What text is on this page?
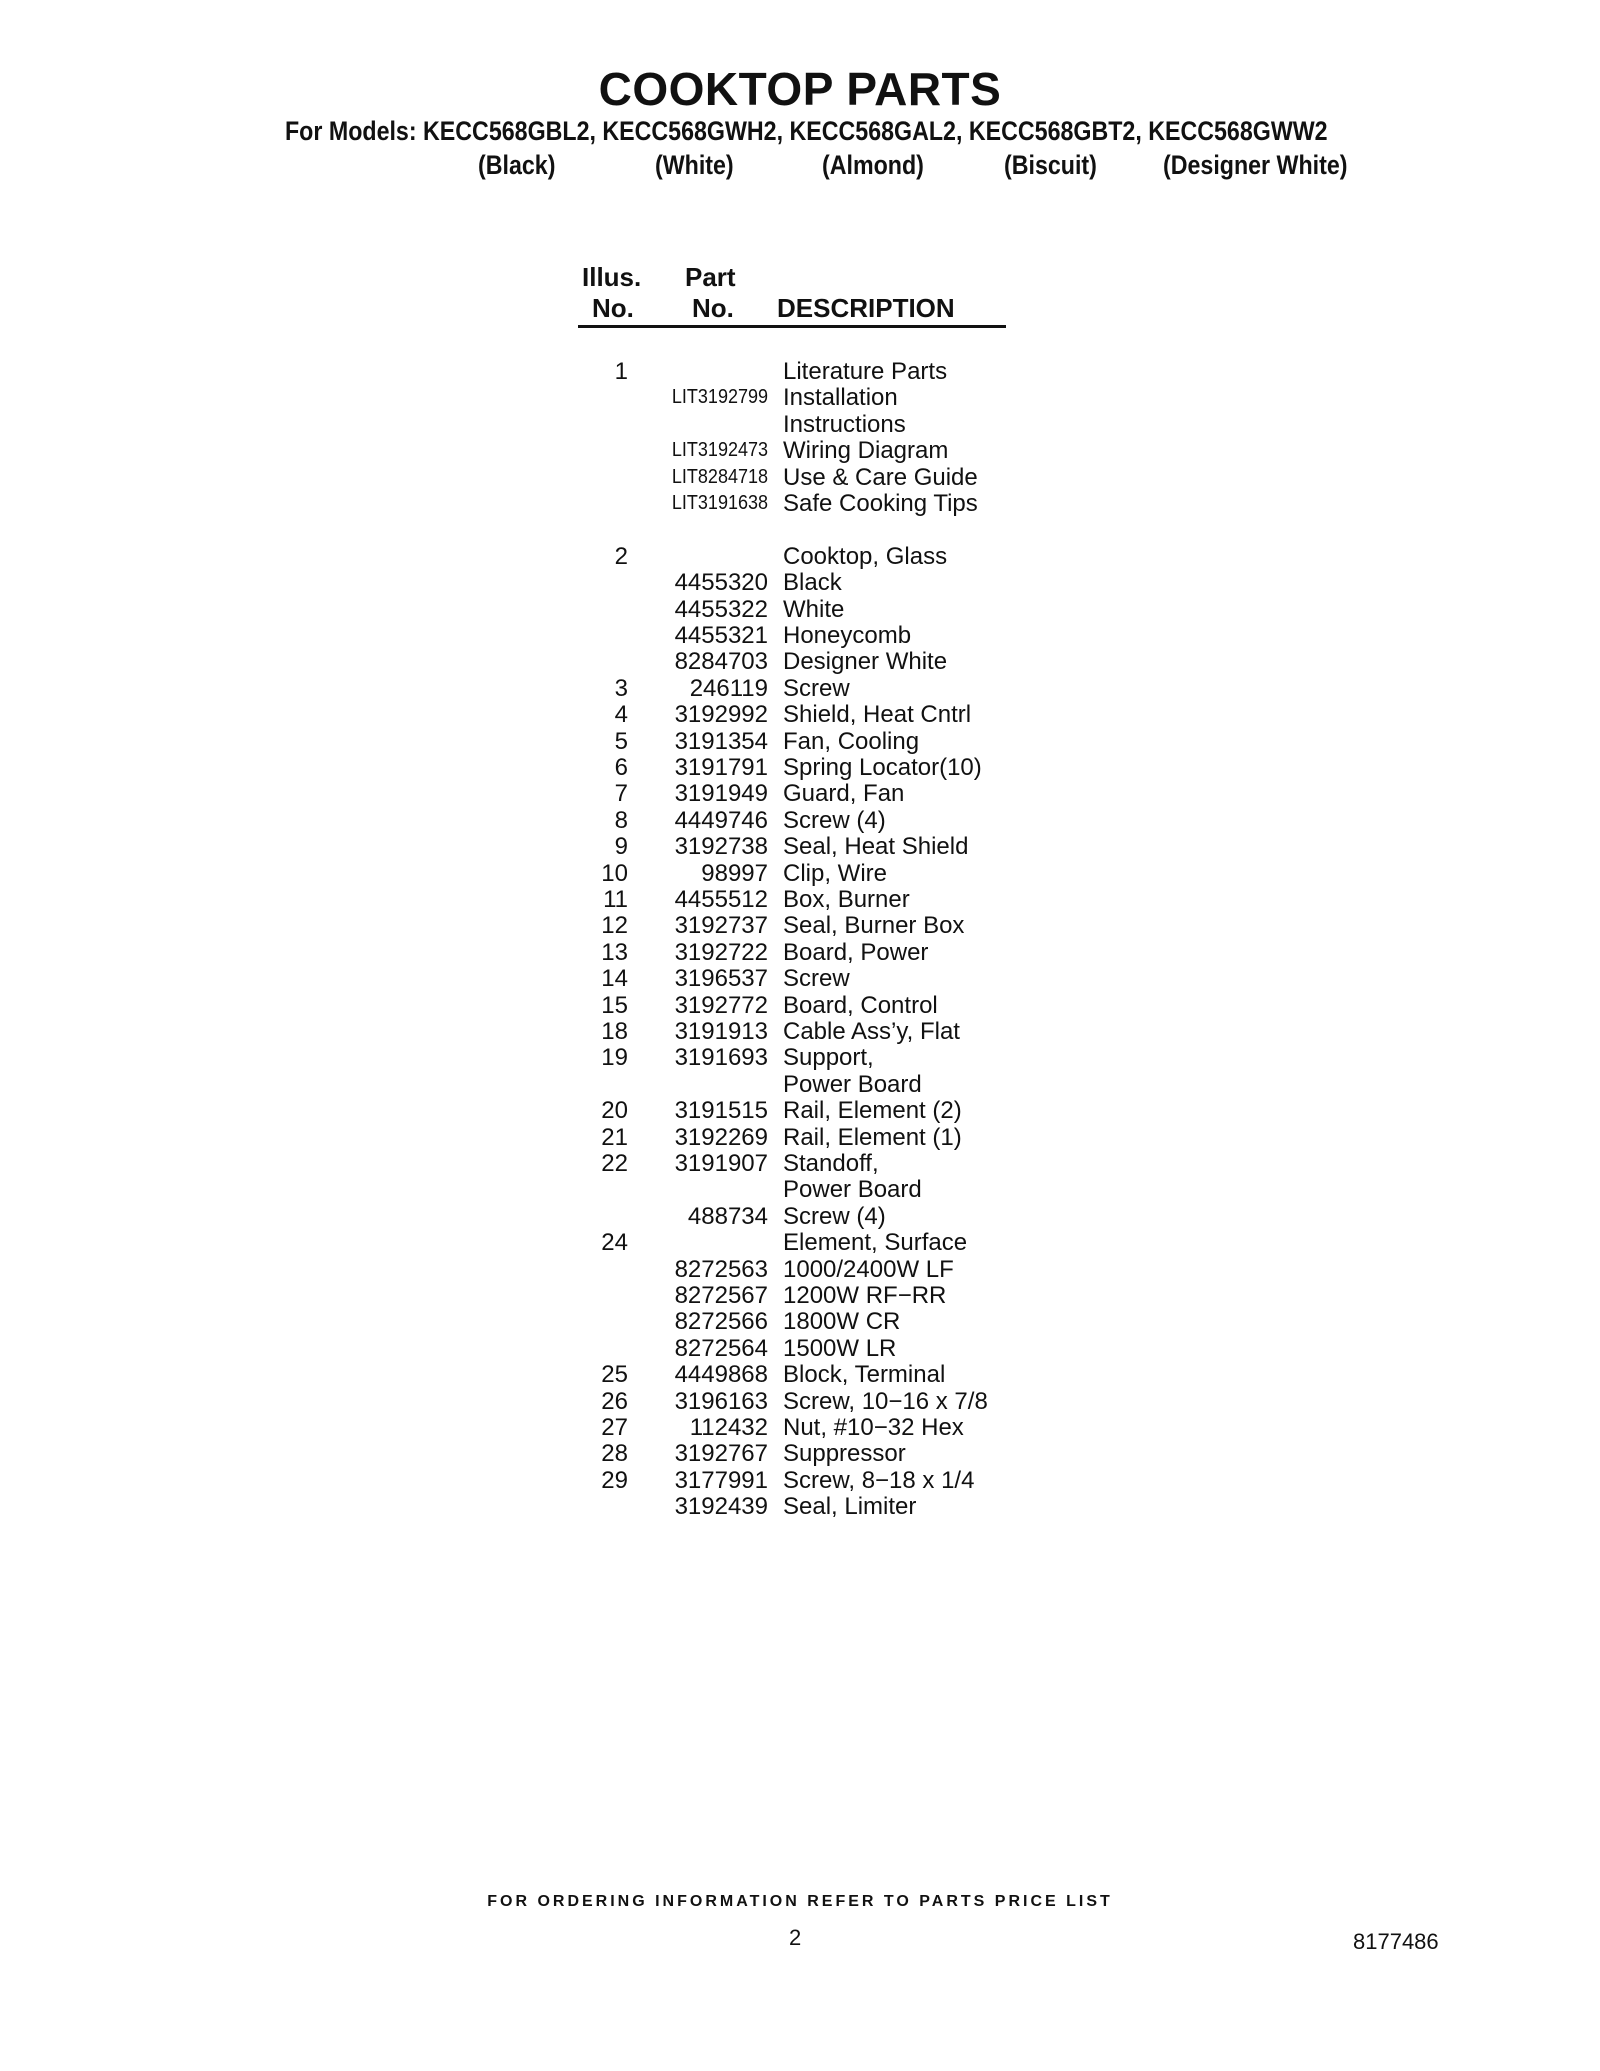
COOKTOP PARTS
For Models: KECC568GBL2, KECC568GWH2, KECC568GAL2, KECC568GBT2, KECC568GWW2
(Black)	(White)	(Almond)	(Biscuit) (Designer White)
Illus.
No.
Part
No. DESCRIPTION
1	Literature Parts
LIT3192799 Installation
Instructions
LIT3192473 Wiring Diagram
LIT8284718 Use & Care Guide
LIT3191638 Safe Cooking Tips
2	Cooktop, Glass
4455320 Black
4455322 White
4455321 Honeycomb
8284703 Designer White
3	246119 Screw
4	3192992 Shield, Heat Cntrl
5	3191354 Fan, Cooling
6	3191791 Spring Locator(10)
7	3191949 Guard, Fan
8	4449746 Screw (4)
9	3192738 Seal, Heat Shield
10	98997 Clip, Wire
11	4455512 Box, Burner
12	3192737 Seal, Burner Box
13	3192722 Board, Power
14	3196537 Screw
15	3192772 Board, Control
18	3191913 Cable Ass’y, Flat
19	3191693 Support,
Power Board
20	3191515 Rail, Element (2)
21	3192269 Rail, Element (1)
22	3191907 Standoff,
Power Board
488734 Screw (4)
24	Element, Surface
8272563 1000/2400W LF
8272567 1200W RF−RR
8272566 1800W CR
8272564 1500W LR
25	4449868 Block, Terminal
26	3196163 Screw, 10−16 x 7/8
27	112432 Nut, #10−32 Hex
28	3192767 Suppressor
29	3177991 Screw, 8−18 x 1/4
3192439 Seal, Limiter
FOR ORDERING INFORMATION REFER TO PARTS PRICE LIST
2	8177486
